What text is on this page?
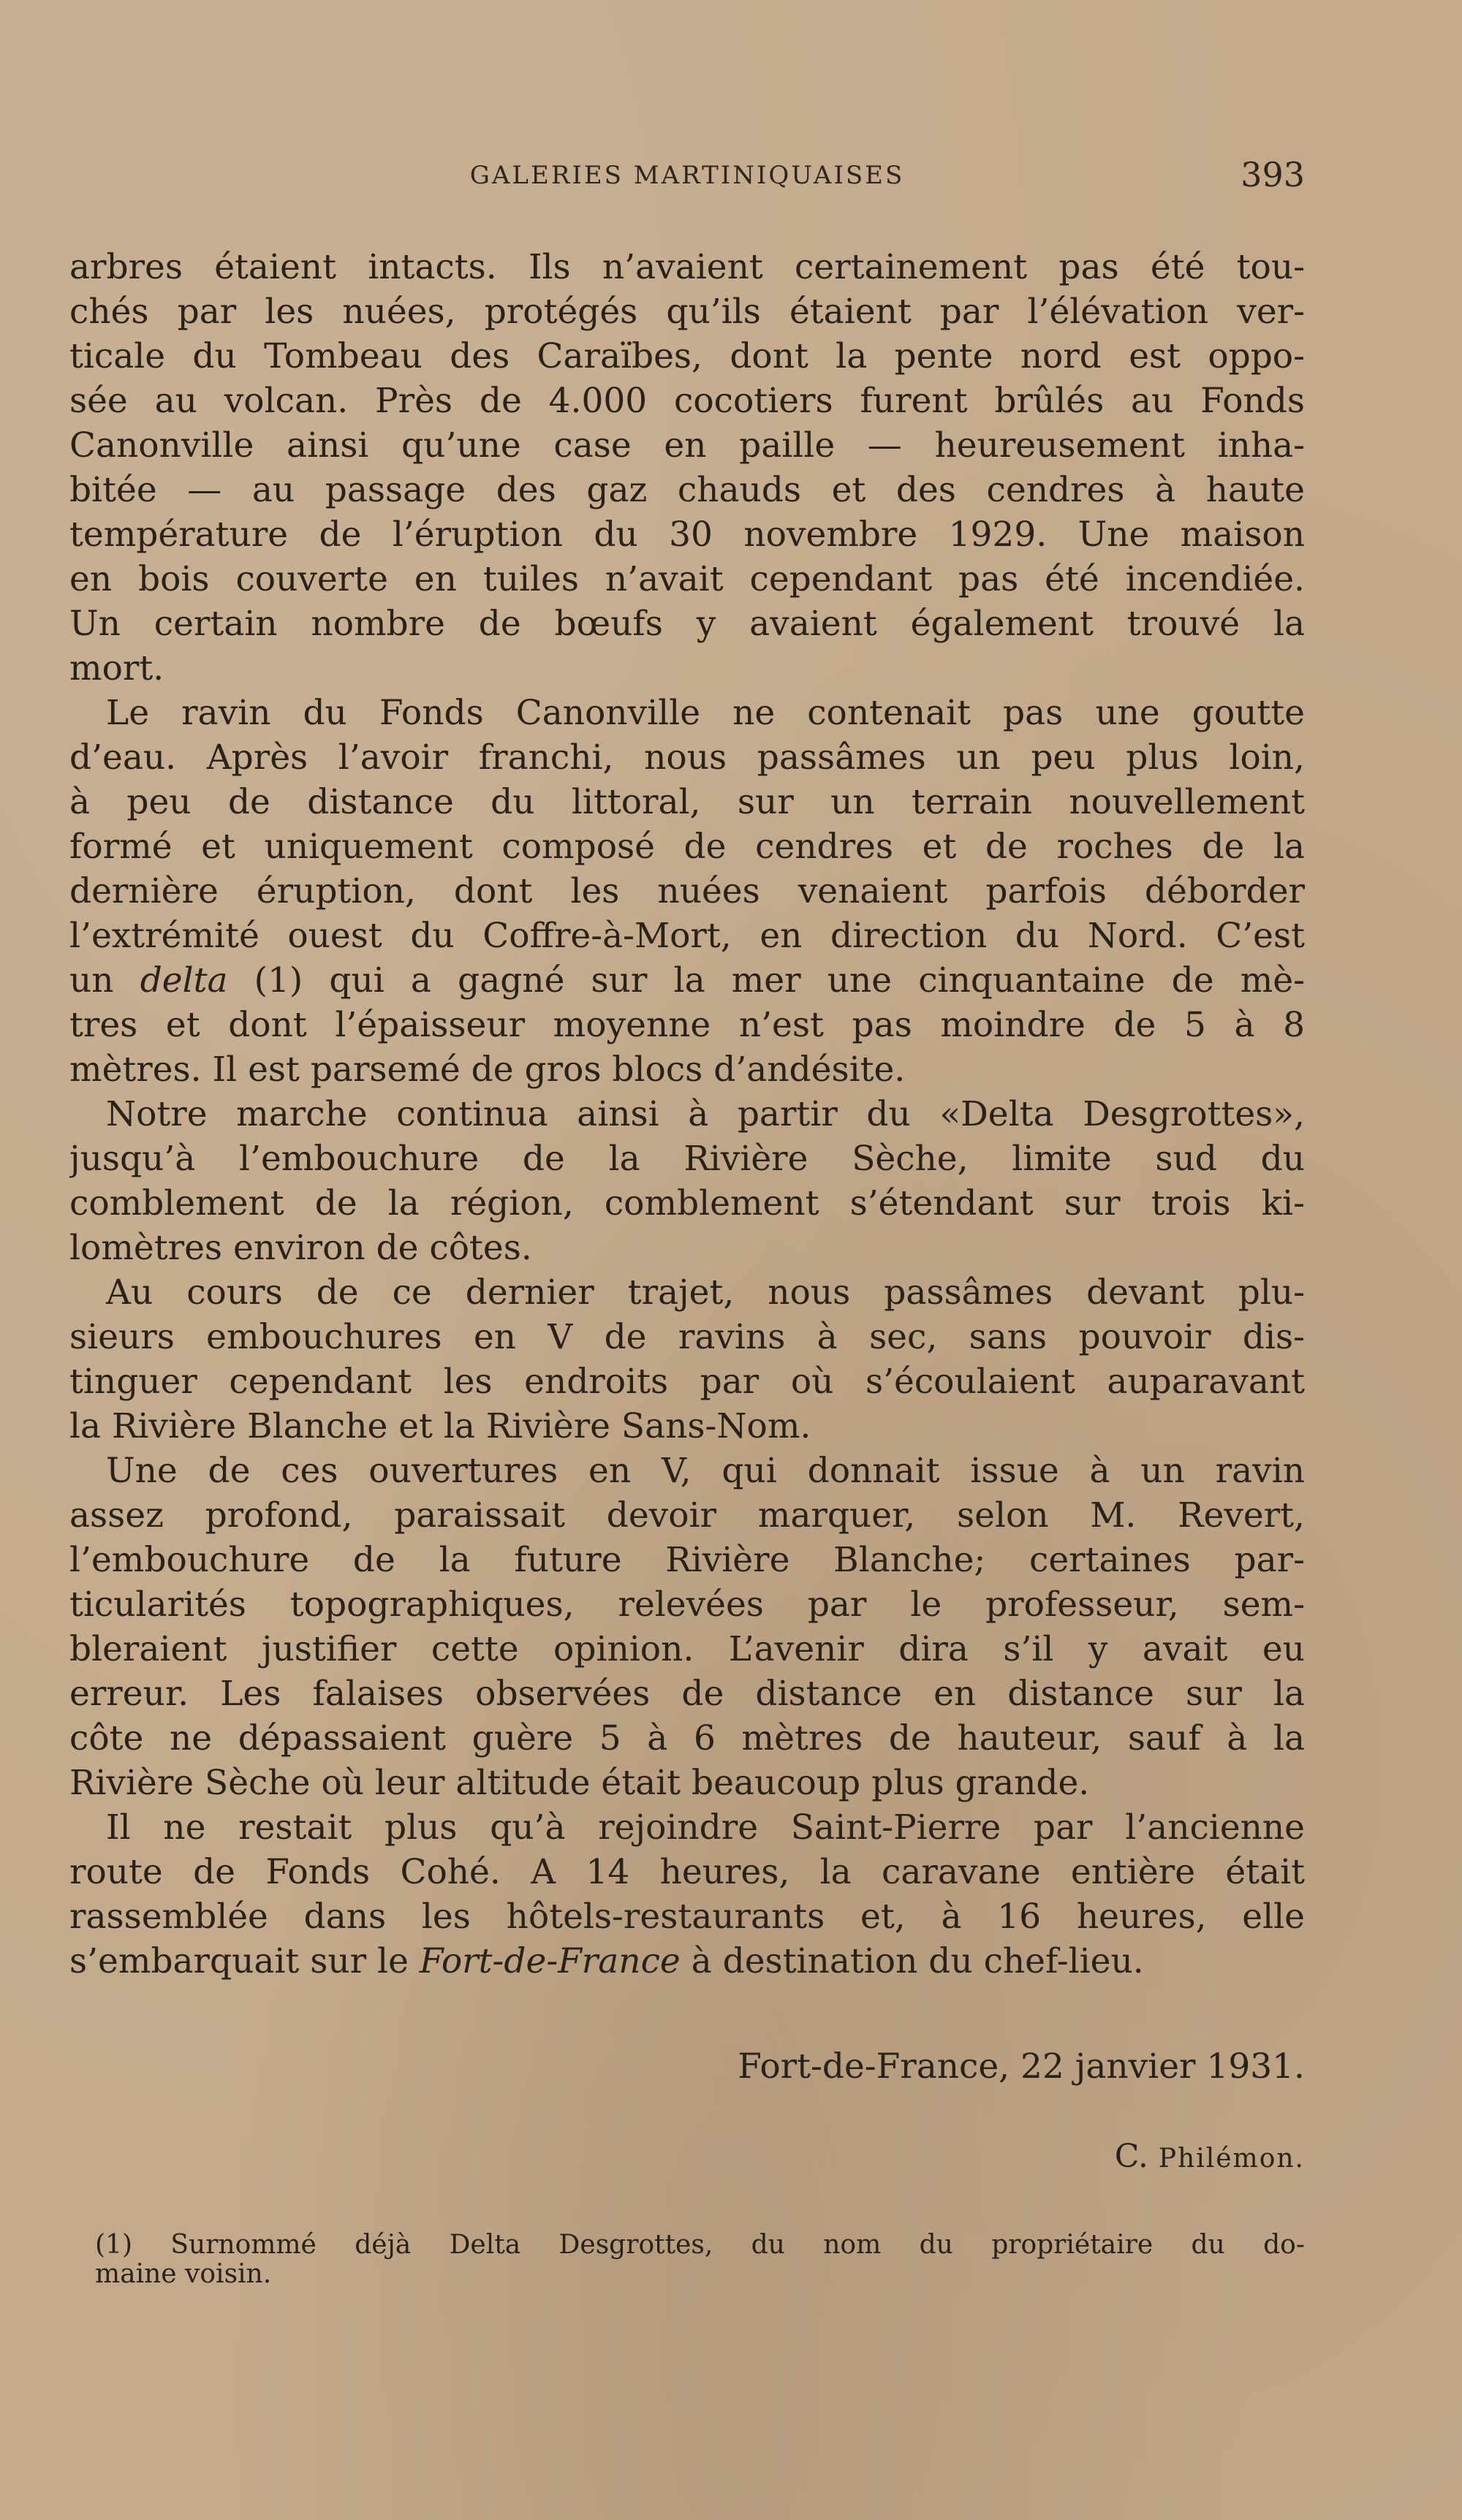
GALERIES MARTINIQUAISES	393
arbres étaient intacts. Ils n’avaient certainement pas été tou-
chés par les nuées, protégés qu’ils étaient par l’élévation ver-
ticale du Tombeau des Caraïbes, dont la pente nord est oppo-
sée au volcan. Près de 4.000 cocotiers furent brûlés au Fonds
Canonville ainsi qu’une case en paille — heureusement inha-
bitée — au passage des gaz chauds et des cendres à haute
température de l’éruption du 30 novembre 1929. Une maison
en bois couverte en tuiles n’avait cependant pas été incendiée.
Un certain nombre de bœufs y avaient également trouvé la
mort.
Le ravin du Fonds Canonville ne contenait pas une goutte
d’eau. Après l’avoir franchi, nous passâmes un peu plus loin,
à peu de distance du littoral, sur un terrain nouvellement
formé et uniquement composé de cendres et de roches de la
dernière éruption, dont les nuées venaient parfois déborder
l’extrémité ouest du Coffre-à-Mort, en direction du Nord. C’est
un delta (1) qui a gagné sur la mer une cinquantaine de mè-
tres et dont l’épaisseur moyenne n’est pas moindre de 5 à 8
mètres. Il est parsemé de gros blocs d’andésite.
Notre marche continua ainsi à partir du «Delta Desgrottes»,
jusqu’à l’embouchure de la Rivière Sèche, limite sud du
comblement de la région, comblement s’étendant sur trois ki-
lomètres environ de côtes.
Au cours de ce dernier trajet, nous passâmes devant plu-
sieurs embouchures en V de ravins à sec, sans pouvoir dis-
tinguer cependant les endroits par où s’écoulaient auparavant
la Rivière Blanche et la Rivière Sans-Nom.
Une de ces ouvertures en V, qui donnait issue à un ravin
assez profond, paraissait devoir marquer, selon M. Revert,
l’embouchure de la future Rivière Blanche; certaines par-
ticularités topographiques, relevées par le professeur, sem-
bleraient justifier cette opinion. L’avenir dira s’il y avait eu
erreur. Les falaises observées de distance en distance sur la
côte ne dépassaient guère 5 à 6 mètres de hauteur, sauf à la
Rivière Sèche où leur altitude était beaucoup plus grande.
Il ne restait plus qu’à rejoindre Saint-Pierre par l’ancienne
route de Fonds Cohé. A 14 heures, la caravane entière était
rassemblée dans les hôtels-restaurants et, à 16 heures, elle
s’embarquait sur le Fort-de-France à destination du chef-lieu.
Fort-de-France, 22 janvier 1931.
C. Philémon.
(1) Surnommé déjà Delta Desgrottes, du nom du propriétaire du do-
maine voisin.
